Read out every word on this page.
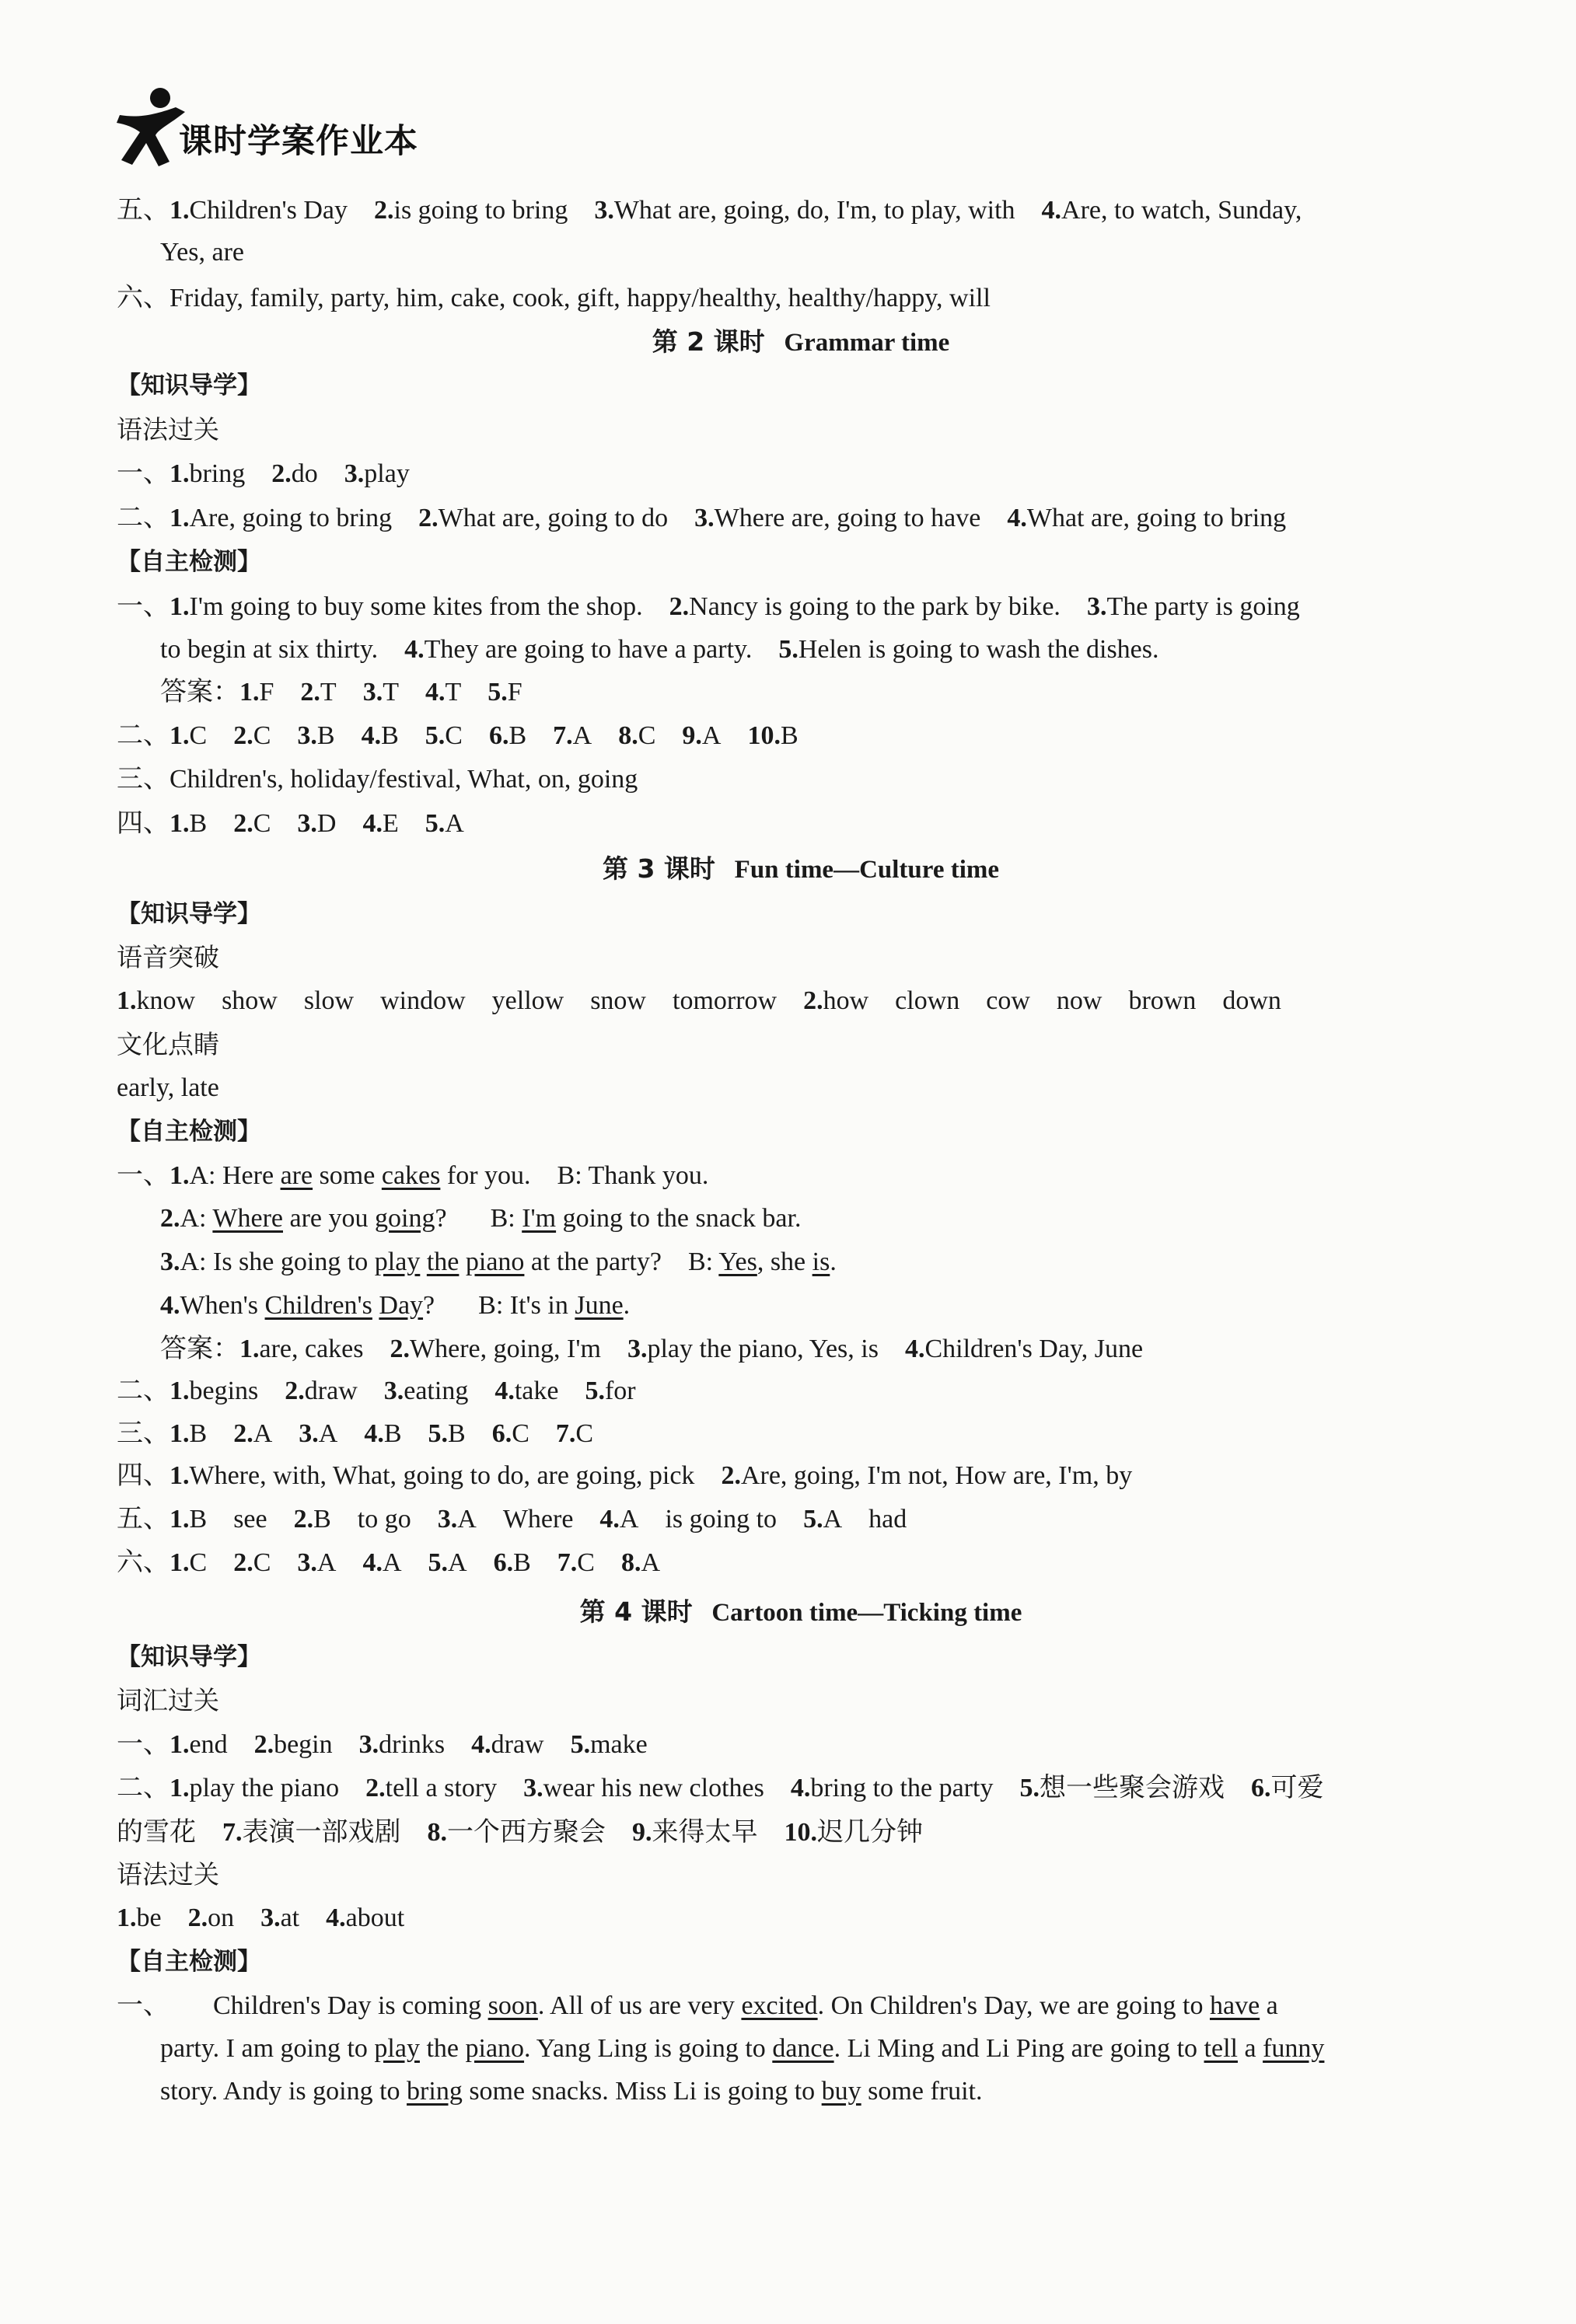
课时学案作业本
五、1.Children's Day 2.is going to bring 3.What are, going, do, I'm, to play, with 4.Are, to watch, Sunday,
Yes, are
六、Friday, family, party, him, cake, cook, gift, happy/healthy, healthy/happy, will
第 2 课时 Grammar time
【知识导学】
语法过关
一、1.bring 2.do 3.play
二、1.Are, going to bring 2.What are, going to do 3.Where are, going to have 4.What are, going to bring
【自主检测】
一、1.I'm going to buy some kites from the shop. 2.Nancy is going to the park by bike. 3.The party is going
to begin at six thirty. 4.They are going to have a party. 5.Helen is going to wash the dishes.
答案：1.F 2.T 3.T 4.T 5.F
二、1.C 2.C 3.B 4.B 5.C 6.B 7.A 8.C 9.A 10.B
三、Children's, holiday/festival, What, on, going
四、1.B 2.C 3.D 4.E 5.A
第 3 课时 Fun time—Culture time
【知识导学】
语音突破
1.know show slow window yellow snow tomorrow 2.how clown cow now brown down
文化点睛
early, late
【自主检测】
一、1.A: Here are some cakes for you. B: Thank you.
2.A: Where are you going? B: I'm going to the snack bar.
3.A: Is she going to play the piano at the party? B: Yes, she is.
4.When's Children's Day? B: It's in June.
答案：1.are, cakes 2.Where, going, I'm 3.play the piano, Yes, is 4.Children's Day, June
二、1.begins 2.draw 3.eating 4.take 5.for
三、1.B 2.A 3.A 4.B 5.B 6.C 7.C
四、1.Where, with, What, going to do, are going, pick 2.Are, going, I'm not, How are, I'm, by
五、1.B see 2.B to go 3.A Where 4.A is going to 5.A had
六、1.C 2.C 3.A 4.A 5.A 6.B 7.C 8.A
第 4 课时 Cartoon time—Ticking time
【知识导学】
词汇过关
一、1.end 2.begin 3.drinks 4.draw 5.make
二、1.play the piano 2.tell a story 3.wear his new clothes 4.bring to the party 5.想一些聚会游戏 6.可爱
的雪花 7.表演一部戏剧 8.一个西方聚会 9.来得太早 10.迟几分钟
语法过关
1.be 2.on 3.at 4.about
【自主检测】
一、 Children's Day is coming soon. All of us are very excited. On Children's Day, we are going to have a
party. I am going to play the piano. Yang Ling is going to dance. Li Ming and Li Ping are going to tell a funny
story. Andy is going to bring some snacks. Miss Li is going to buy some fruit.
